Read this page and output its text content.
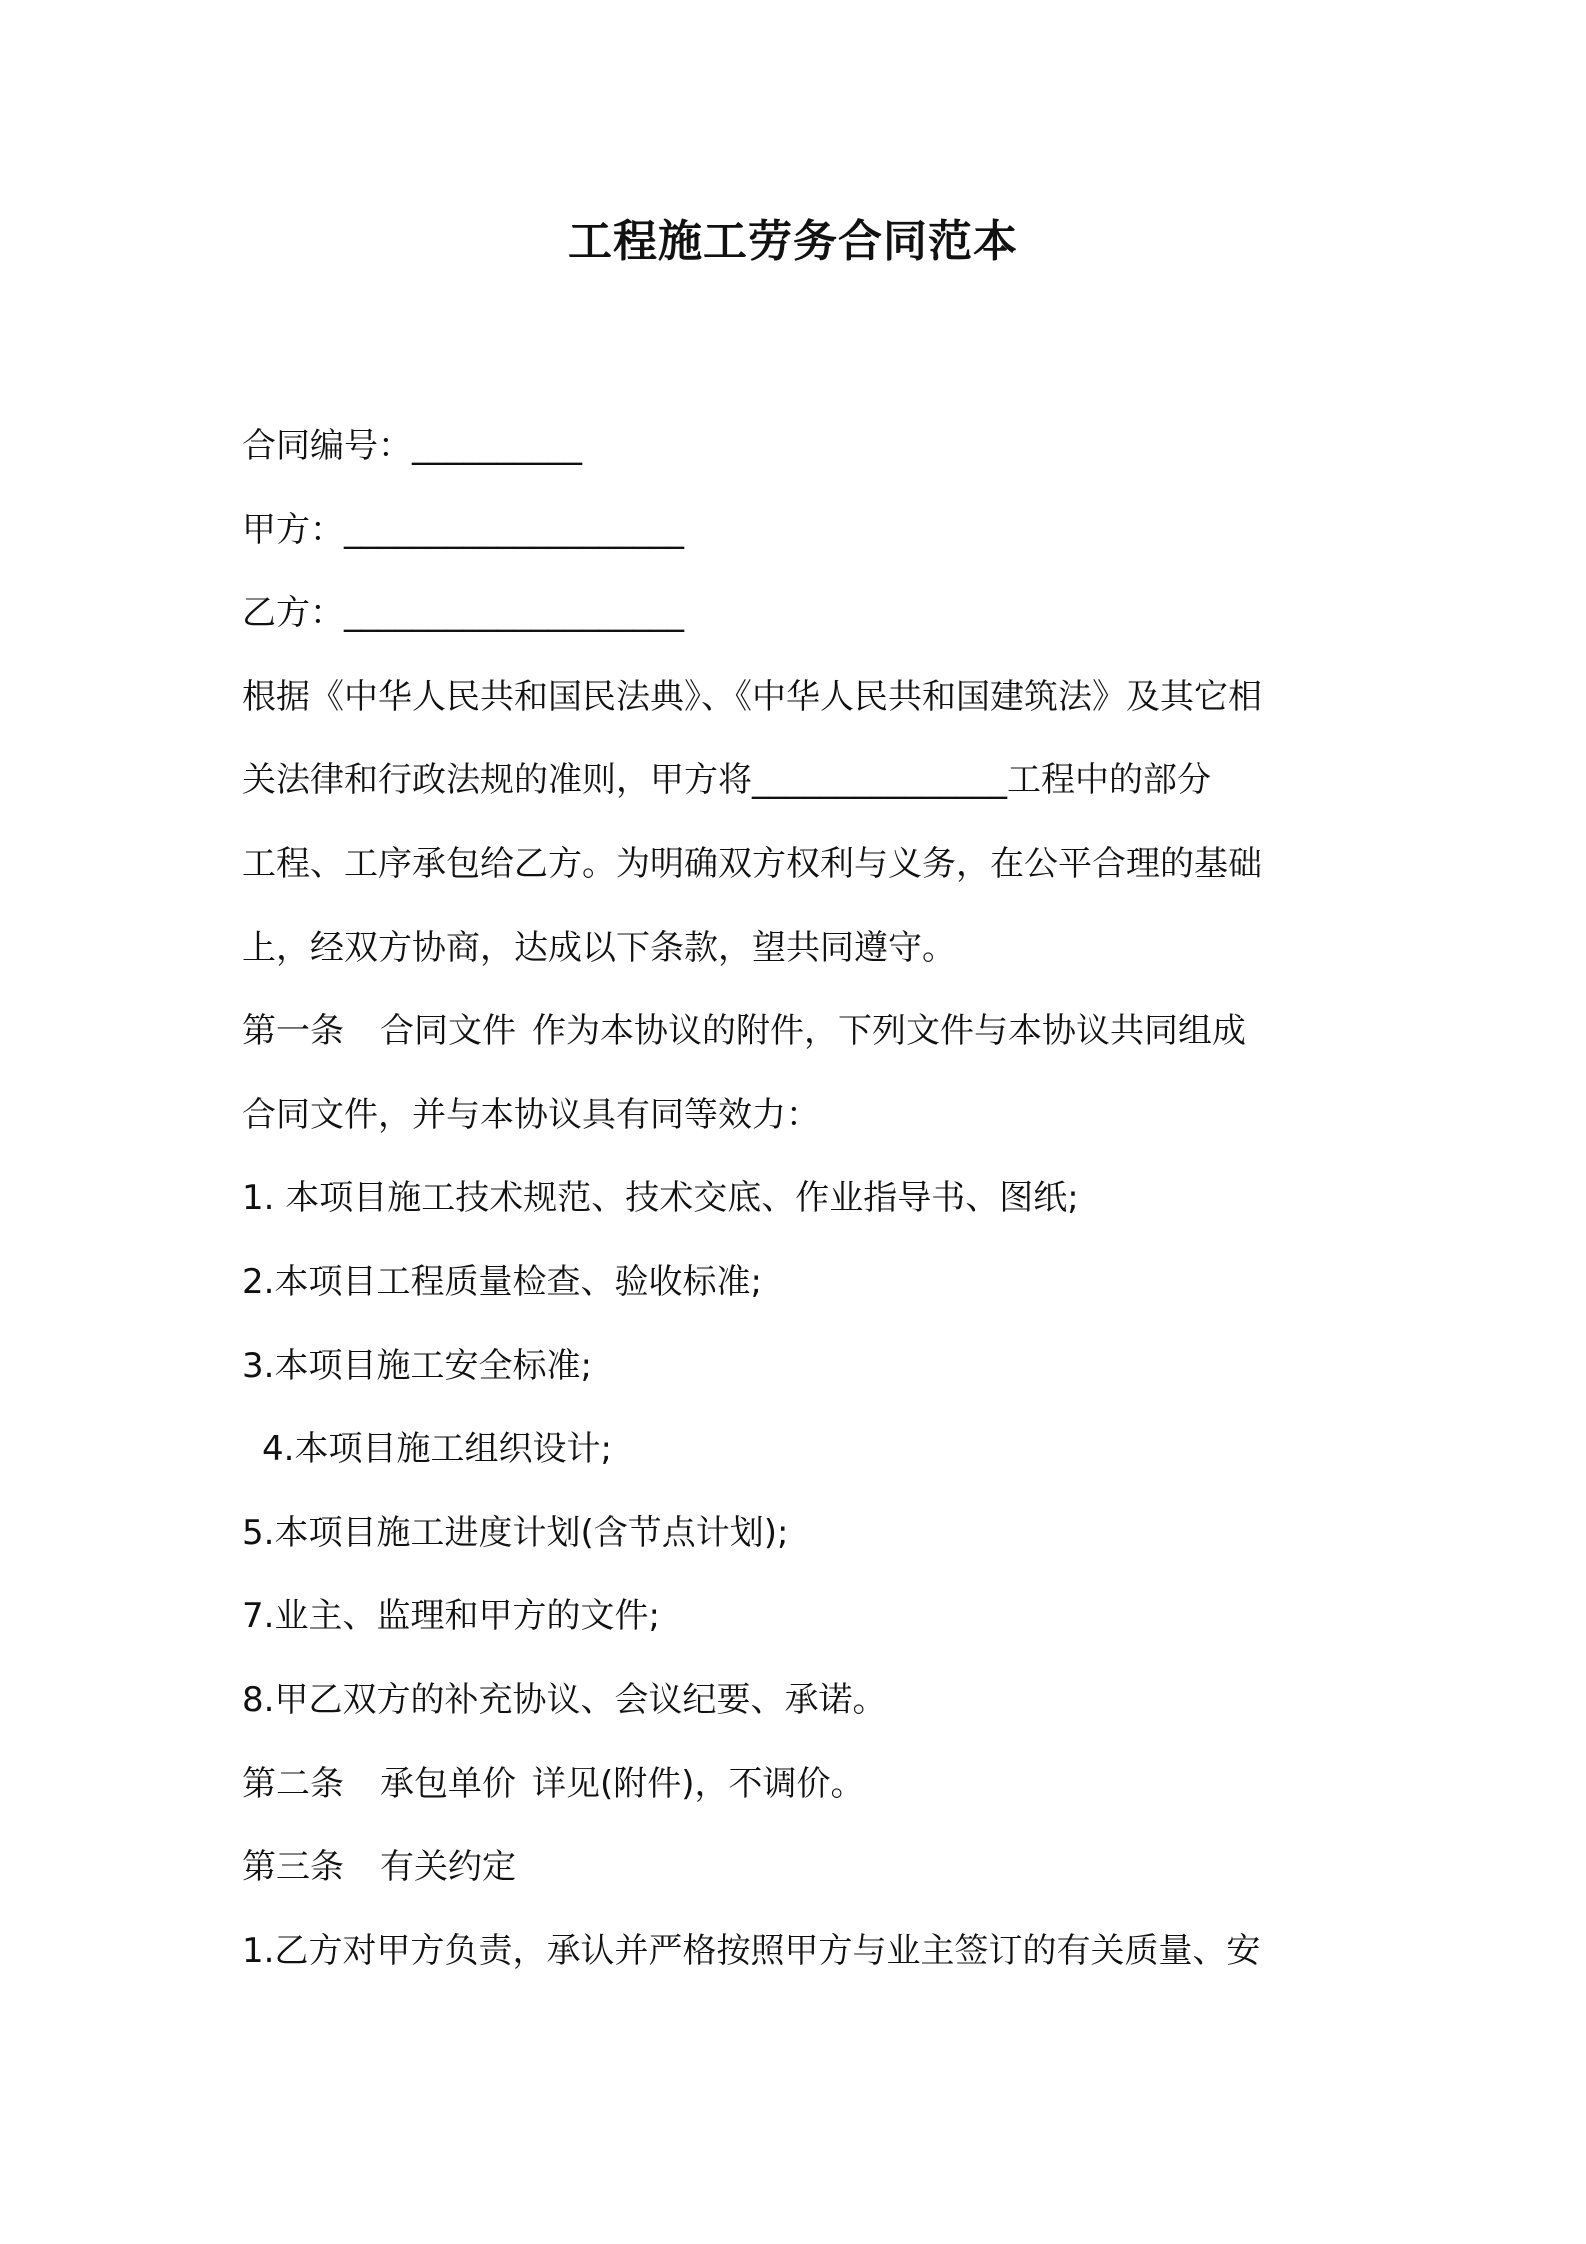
工程施工劳务合同范本
合同编号：__________
甲方：____________________
乙方：____________________
根据《中华人民共和国民法典》、《中华人民共和国建筑法》及其它相
关法律和行政法规的准则，甲方将_______________工程中的部分
工程、工序承包给乙方。为明确双方权利与义务，在公平合理的基础
上，经双方协商，达成以下条款，望共同遵守。
第一条 合同文件 作为本协议的附件，下列文件与本协议共同组成
合同文件，并与本协议具有同等效力：
1. 本项目施工技术规范、技术交底、作业指导书、图纸;
2.本项目工程质量检查、验收标准;
3.本项目施工安全标准;
4.本项目施工组织设计;
5.本项目施工进度计划(含节点计划);
7.业主、监理和甲方的文件;
8.甲乙双方的补充协议、会议纪要、承诺。
第二条 承包单价 详见(附件)，不调价。
第三条 有关约定
1.乙方对甲方负责，承认并严格按照甲方与业主签订的有关质量、安
